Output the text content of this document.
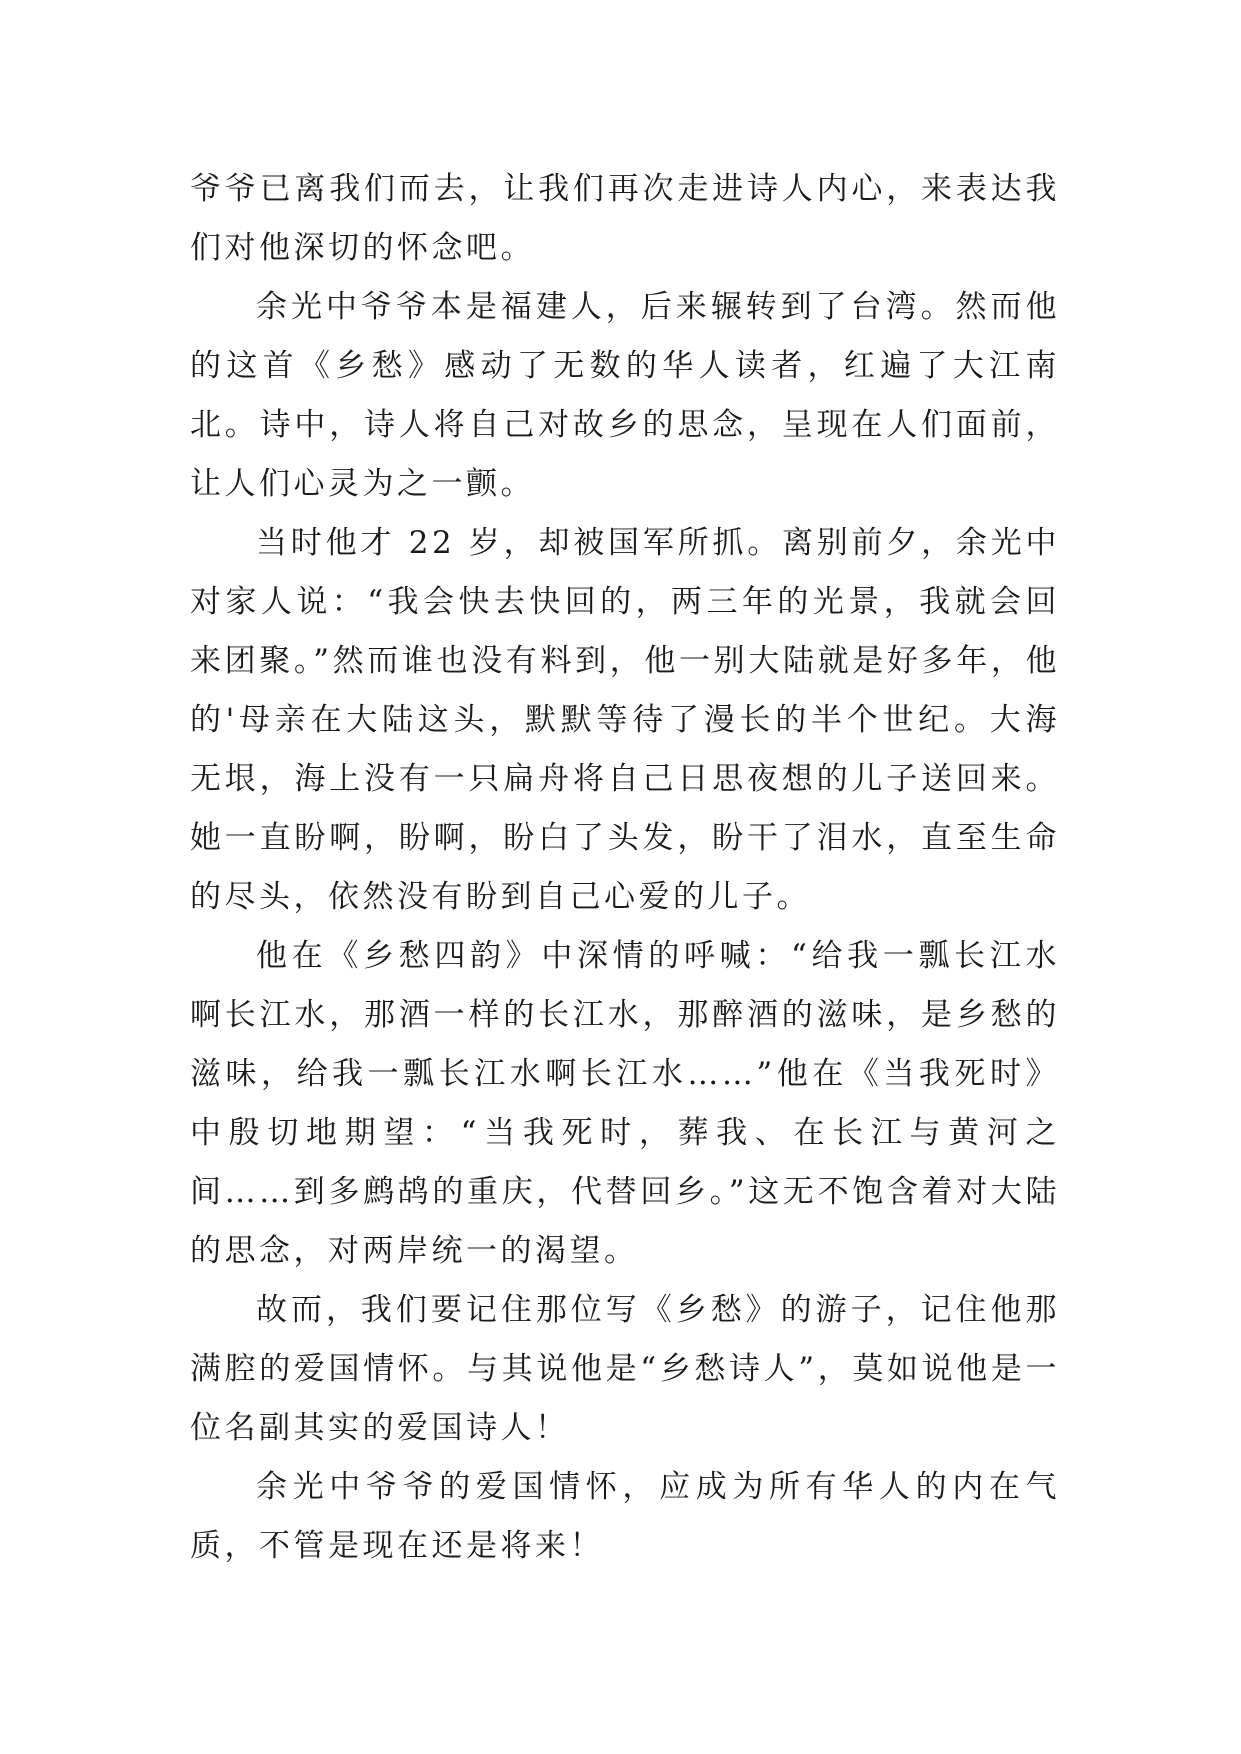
爷爷已离我们而去，让我们再次走进诗人内心，来表达我们对他深切的怀念吧。

余光中爷爷本是福建人，后来辗转到了台湾。然而他的这首《乡愁》感动了无数的华人读者，红遍了大江南北。诗中，诗人将自己对故乡的思念，呈现在人们面前，让人们心灵为之一颤。

当时他才 22 岁，却被国军所抓。离别前夕，余光中对家人说：“我会快去快回的，两三年的光景，我就会回来团聚。”然而谁也没有料到，他一别大陆就是好多年，他的'母亲在大陆这头，默默等待了漫长的半个世纪。大海无垠，海上没有一只扁舟将自己日思夜想的儿子送回来。她一直盼啊，盼啊，盼白了头发，盼干了泪水，直至生命的尽头，依然没有盼到自己心爱的儿子。

他在《乡愁四韵》中深情的呼喊：“给我一瓢长江水啊长江水，那酒一样的长江水，那醉酒的滋味，是乡愁的滋味，给我一瓢长江水啊长江水……”他在《当我死时》中殷切地期望：“当我死时，葬我、在长江与黄河之间……到多鹧鸪的重庆，代替回乡。”这无不饱含着对大陆的思念，对两岸统一的渴望。

故而，我们要记住那位写《乡愁》的游子，记住他那满腔的爱国情怀。与其说他是“乡愁诗人”，莫如说他是一位名副其实的爱国诗人！

余光中爷爷的爱国情怀，应成为所有华人的内在气质，不管是现在还是将来！
